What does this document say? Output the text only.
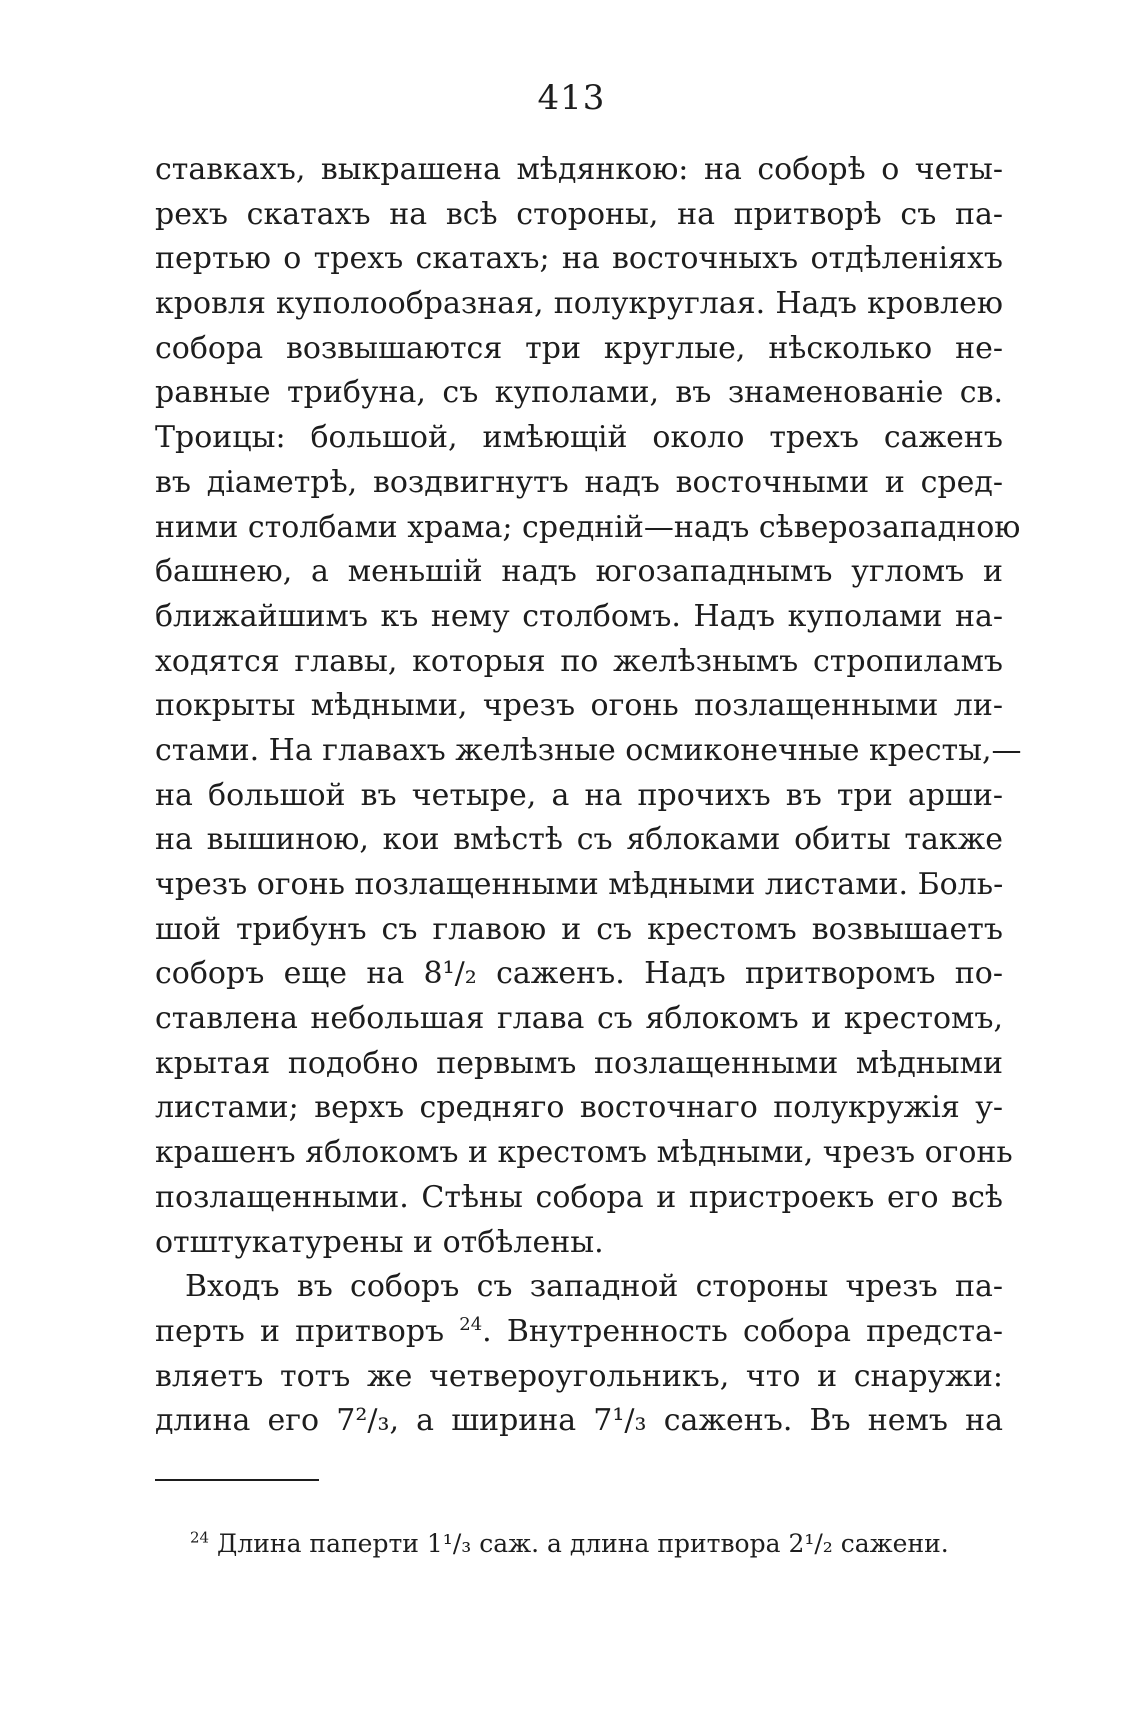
413
ставкахъ, выкрашена мѣдянкою: на соборѣ о четы-
рехъ скатахъ на всѣ стороны, на притворѣ съ па-
пертью о трехъ скатахъ; на восточныхъ отдѣленiяхъ
кровля куполообразная, полукруглая. Надъ кровлею
собора возвышаются три круглые, нѣсколько не-
равные трибуна, съ куполами, въ знаменованiе св.
Троицы: большой, имѣющiй около трехъ саженъ
въ дiаметрѣ, воздвигнутъ надъ восточными и сред-
ними столбами храма; средній—надъ сѣверозападною
башнею, а меньшiй надъ югозападнымъ угломъ и
ближайшимъ къ нему столбомъ. Надъ куполами на-
ходятся главы, которыя по желѣзнымъ стропиламъ
покрыты мѣдными, чрезъ огонь позлащенными ли-
стами. На главахъ желѣзные осмиконечные кресты,—
на большой въ четыре, а на прочихъ въ три арши-
на вышиною, кои вмѣстѣ съ яблоками обиты также
чрезъ огонь позлащенными мѣдными листами. Боль-
шой трибунъ съ главою и съ крестомъ возвышаетъ
соборъ еще на 8¹/₂ саженъ. Надъ притворомъ по-
ставлена небольшая глава съ яблокомъ и крестомъ,
крытая подобно первымъ позлащенными мѣдными
листами; верхъ средняго восточнаго полукружія у-
крашенъ яблокомъ и крестомъ мѣдными, чрезъ огонь
позлащенными. Стѣны собора и пристроекъ его всѣ
отштукатурены и отбѣлены.
Входъ въ соборъ съ западной стороны чрезъ па-
перть и притворъ $^{24}$. Внутренность собора предста-
вляетъ тотъ же четвероугольникъ, что и снаружи:
длина его 7²/₃, а ширина 7¹/₃ саженъ. Въ немъ на
$^{24}$ Длина паперти 1¹/₃ саж. а длина притвора 2¹/₂ сажени.
